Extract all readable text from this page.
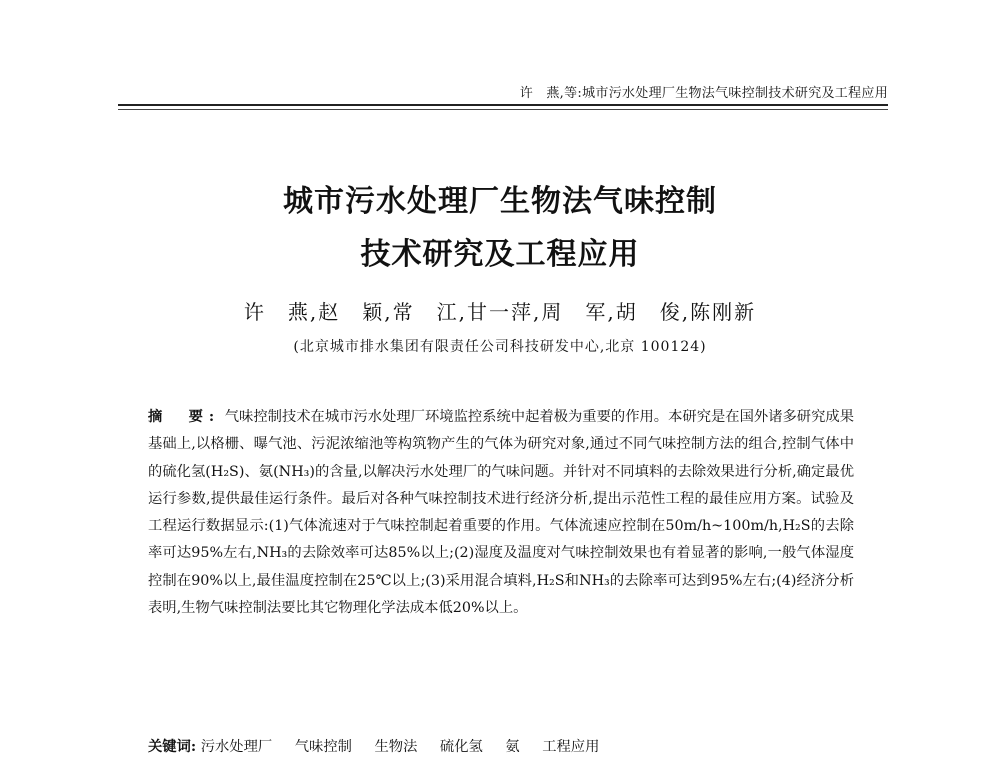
许　燕,等:城市污水处理厂生物法气味控制技术研究及工程应用
城市污水处理厂生物法气味控制
技术研究及工程应用
许　燕,赵　颖,常　江,甘一萍,周　军,胡　俊,陈刚新
(北京城市排水集团有限责任公司科技研发中心,北京 100124)
摘　要: 气味控制技术在城市污水处理厂环境监控系统中起着极为重要的作用。本研究是在国外诸多研究成果基础上,以格栅、曝气池、污泥浓缩池等构筑物产生的气体为研究对象,通过不同气味控制方法的组合,控制气体中的硫化氢(H₂S)、氨(NH₃)的含量,以解决污水处理厂的气味问题。并针对不同填料的去除效果进行分析,确定最优运行参数,提供最佳运行条件。最后对各种气味控制技术进行经济分析,提出示范性工程的最佳应用方案。试验及工程运行数据显示:(1)气体流速对于气味控制起着重要的作用。气体流速应控制在50m/h~100m/h,H₂S的去除率可达95%左右,NH₃的去除效率可达85%以上;(2)湿度及温度对气味控制效果也有着显著的影响,一般气体湿度控制在90%以上,最佳温度控制在25℃以上;(3)采用混合填料,H₂S和NH₃的去除率可达到95%左右;(4)经济分析表明,生物气味控制法要比其它物理化学法成本低20%以上。
关键词: 污水处理厂 气味控制 生物法 硫化氢 氨 工程应用
